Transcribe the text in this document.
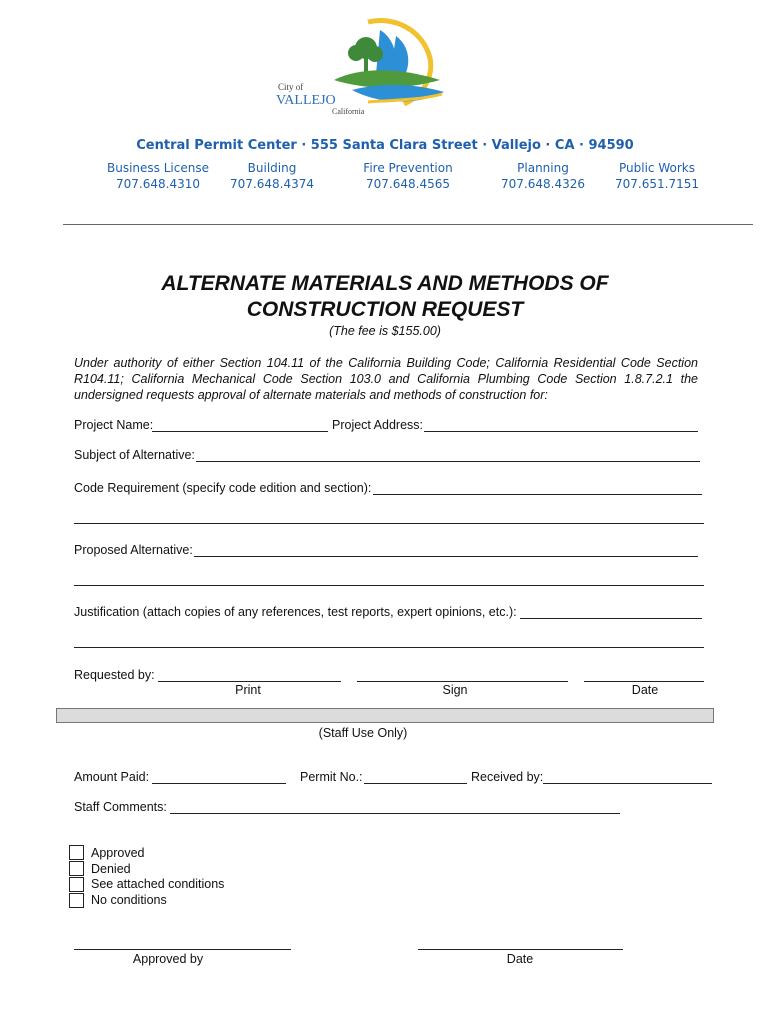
City of
VALLEJO
California
Central Permit Center · 555 Santa Clara Street · Vallejo · CA · 94590
Business License
707.648.4310
Building
707.648.4374
Fire Prevention
707.648.4565
Planning
707.648.4326
Public Works
707.651.7151
ALTERNATE MATERIALS AND METHODS OF
CONSTRUCTION REQUEST
(The fee is $155.00)
Under authority of either Section 104.11 of the California Building Code; California Residential Code Section R104.11; California Mechanical Code Section 103.0 and California Plumbing Code Section 1.8.7.2.1 the undersigned requests approval of alternate materials and methods of construction for:
Project Name:	Project Address:
Subject of Alternative:
Code Requirement (specify code edition and section):
Proposed Alternative:
Justification (attach copies of any references, test reports, expert opinions, etc.):
Requested by:
Print	Sign	Date
(Staff Use Only)
Amount Paid:	Permit No.:	Received by:
Staff Comments:
Approved
Denied
See attached conditions
No conditions
Approved by	Date
